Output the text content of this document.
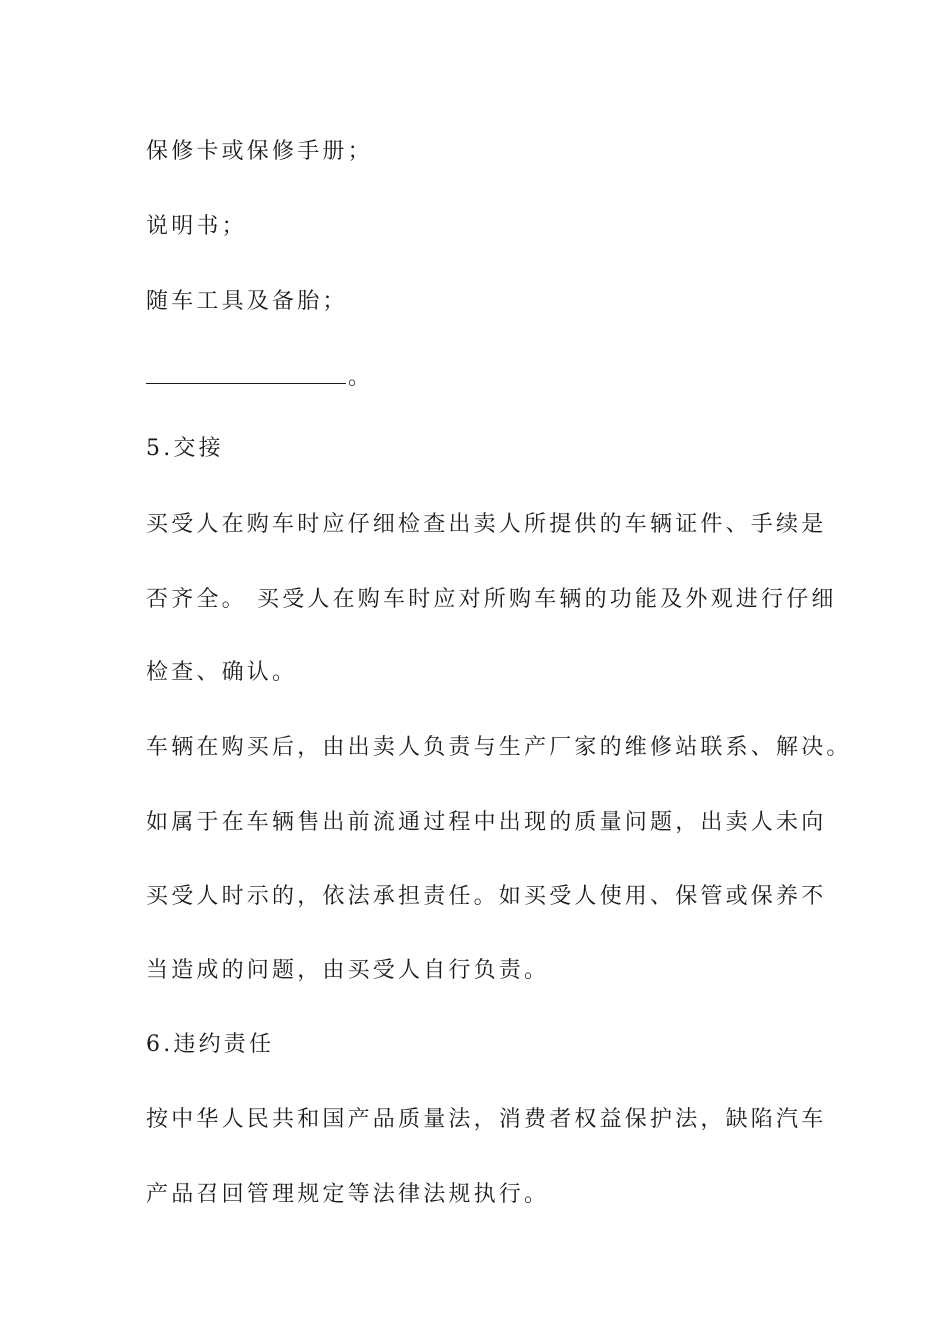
保修卡或保修手册；
说明书；
随车工具及备胎；
。
5.交接
买受人在购车时应仔细检查出卖人所提供的车辆证件、手续是
否齐全。 买受人在购车时应对所购车辆的功能及外观进行仔细
检查、确认。
车辆在购买后，由出卖人负责与生产厂家的维修站联系、解决。
如属于在车辆售出前流通过程中出现的质量问题，出卖人未向
买受人时示的，依法承担责任。如买受人使用、保管或保养不
当造成的问题，由买受人自行负责。
6.违约责任
按中华人民共和国产品质量法，消费者权益保护法，缺陷汽车
产品召回管理规定等法律法规执行。
